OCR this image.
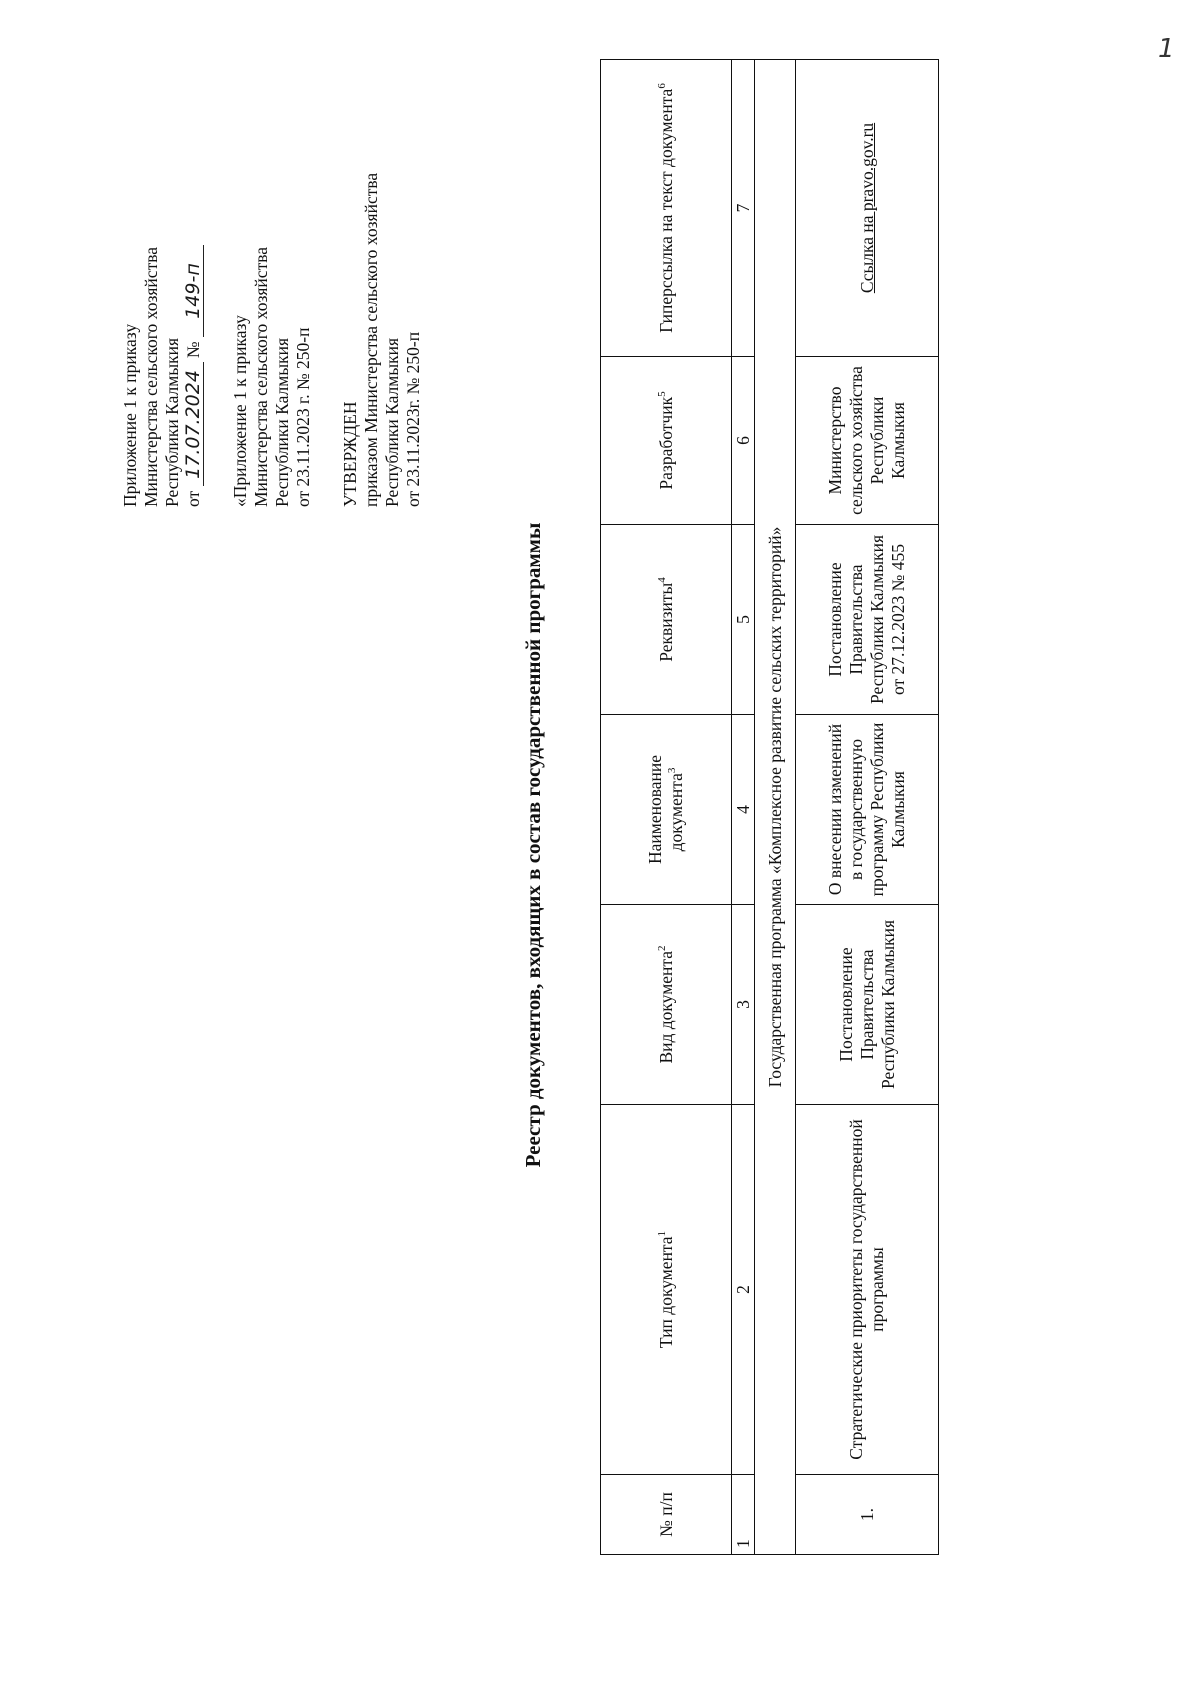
Приложение 1 к приказу Министерства сельского хозяйства Республики Калмыкия от 17.07.2024 № 149-п
«Приложение 1 к приказу Министерства сельского хозяйства Республики Калмыкия от 23.11.2023 г. № 250-п УТВЕРЖДЕН приказом Министерства сельского хозяйства Республики Калмыкия от 23.11.2023г. № 250-п
Реестр документов, входящих в состав государственной программы
№ п/п	Тип документа$^1$	Вид документа$^2$	Наименование документа$^3$	Реквизиты$^4$	Разработчик$^5$	Гиперссылка на текст документа$^6$
1	2	3	4	5	6	7
Государственная программа «Комплексное развитие сельских территорий»						
1.	Стратегические приоритеты государственной программы	Постановление Правительства Республики Калмыкия	О внесении изменений в государственную программу Республики Калмыкия	Постановление Правительства Республики Калмыкия от 27.12.2023 № 455	Министерство сельского хозяйства Республики Калмыкия	Ссылка на pravo.gov.ru
1
